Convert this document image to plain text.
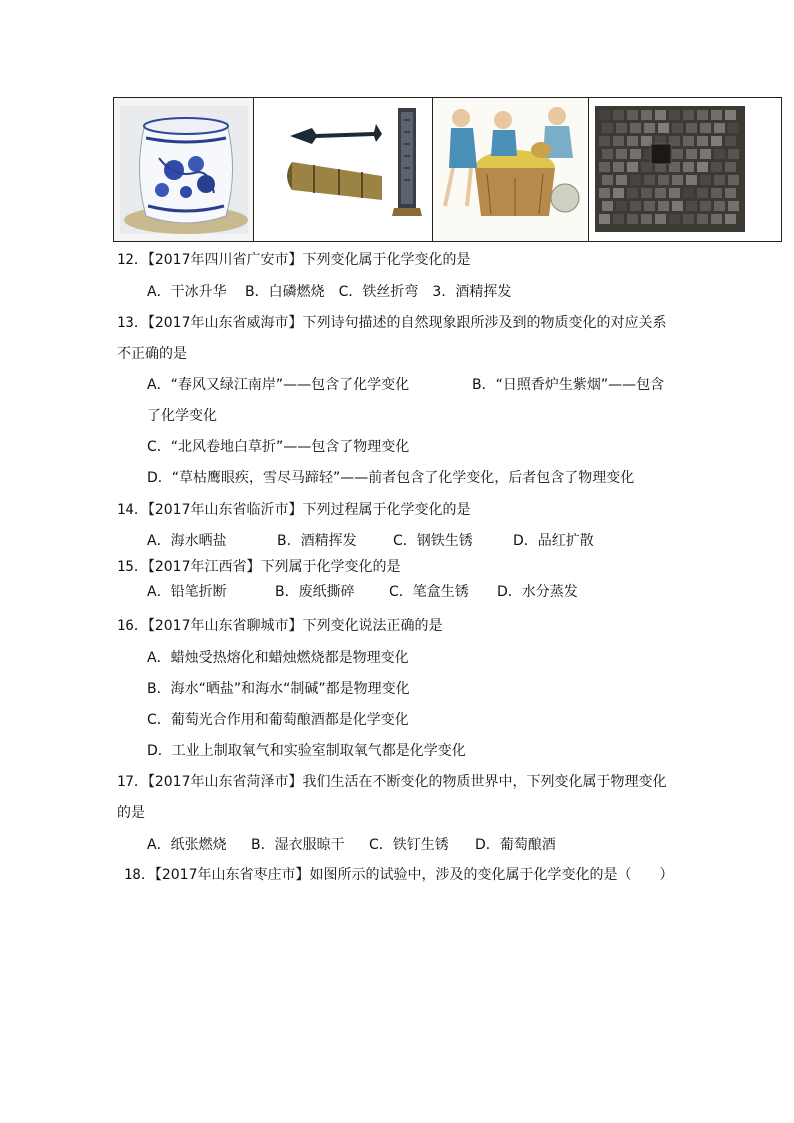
12．【2017年四川省广安市】下列变化属于化学变化的是
A．干冰升华　 B．白磷燃烧　C．铁丝折弯　3．酒精挥发
13．【2017年山东省威海市】下列诗句描述的自然现象跟所涉及到的物质变化的对应关系
不正确的是
A．“春风又绿江南岸”——包含了化学变化	B．“日照香炉生紫烟”——包含
了化学变化
C．“北风卷地白草折”——包含了物理变化
D．“草枯鹰眼疾，雪尽马蹄轻”——前者包含了化学变化，后者包含了物理变化
14．【2017年山东省临沂市】下列过程属于化学变化的是
A．海水晒盐	B．酒精挥发	C．钢铁生锈	D．品红扩散
15．【2017年江西省】下列属于化学变化的是
A．铅笔折断	B．废纸撕碎 C．笔盒生锈 D．水分蒸发
16．【2017年山东省聊城市】下列变化说法正确的是
A．蜡烛受热熔化和蜡烛燃烧都是物理变化
B．海水“晒盐”和海水“制碱”都是物理变化
C．葡萄光合作用和葡萄酿酒都是化学变化
D．工业上制取氧气和实验室制取氧气都是化学变化
17．【2017年山东省菏泽市】我们生活在不断变化的物质世界中，下列变化属于物理变化
的是
A．纸张燃烧 B．湿衣服晾干 C．铁钉生锈 D．葡萄酿酒
18．【2017年山东省枣庄市】如图所示的试验中，涉及的变化属于化学变化的是（　　）
